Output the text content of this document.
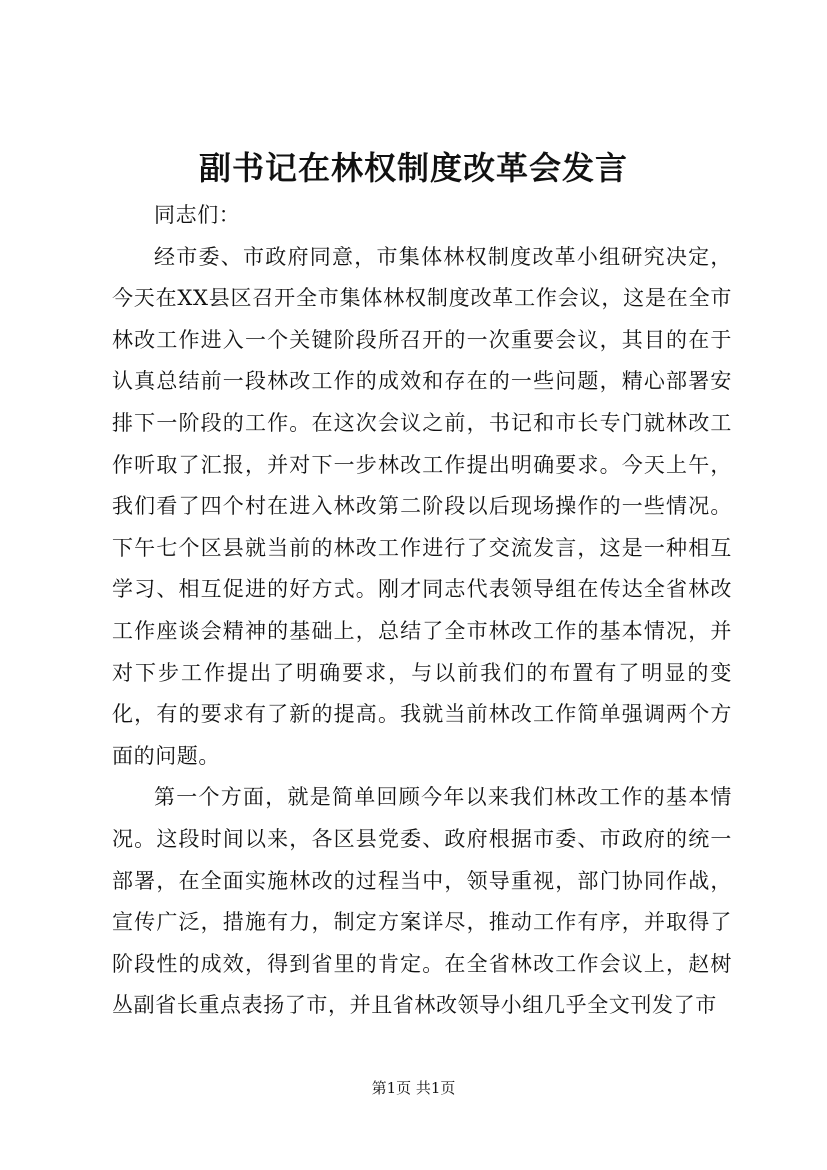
副书记在林权制度改革会发言

同志们：

经市委、市政府同意，市集体林权制度改革小组研究决定，今天在XX县区召开全市集体林权制度改革工作会议，这是在全市林改工作进入一个关键阶段所召开的一次重要会议，其目的在于认真总结前一段林改工作的成效和存在的一些问题，精心部署安排下一阶段的工作。在这次会议之前，书记和市长专门就林改工作听取了汇报，并对下一步林改工作提出明确要求。今天上午，我们看了四个村在进入林改第二阶段以后现场操作的一些情况。下午七个区县就当前的林改工作进行了交流发言，这是一种相互学习、相互促进的好方式。刚才同志代表领导组在传达全省林改工作座谈会精神的基础上，总结了全市林改工作的基本情况，并对下步工作提出了明确要求，与以前我们的布置有了明显的变化，有的要求有了新的提高。我就当前林改工作简单强调两个方面的问题。

第一个方面，就是简单回顾今年以来我们林改工作的基本情况。这段时间以来，各区县党委、政府根据市委、市政府的统一部署，在全面实施林改的过程当中，领导重视，部门协同作战，宣传广泛，措施有力，制定方案详尽，推动工作有序，并取得了阶段性的成效，得到省里的肯定。在全省林改工作会议上，赵树丛副省长重点表扬了市，并且省林改领导小组几乎全文刊发了市

第1页 共1页
